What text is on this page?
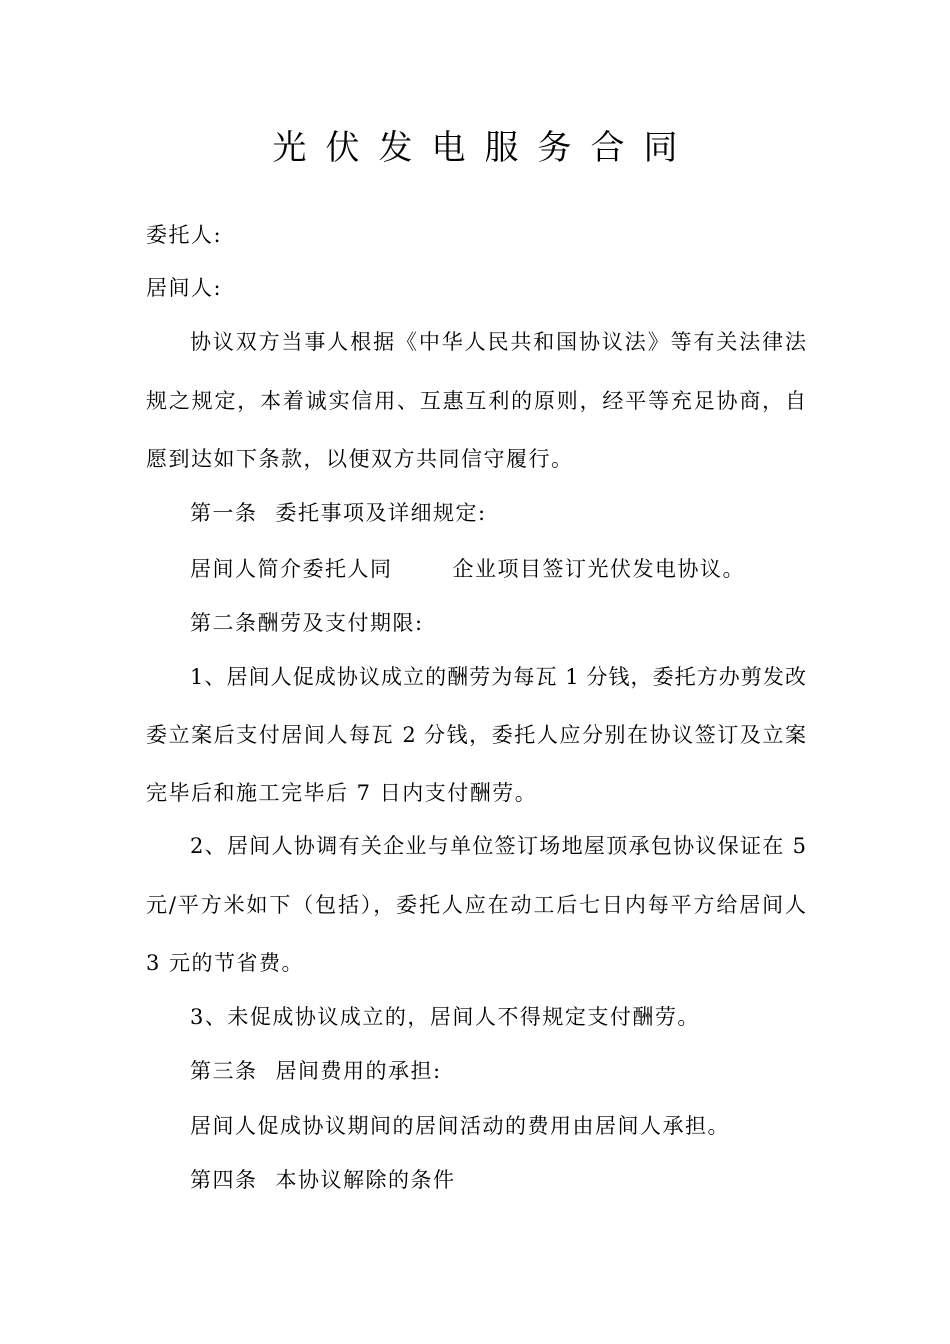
光伏发电服务合同
委托人:
居间人:
协议双方当事人根据《中华人民共和国协议法》等有关法律法
规之规定，本着诚实信用、互惠互利的原则，经平等充足协商，自
愿到达如下条款，以便双方共同信守履行。
第一条 委托事项及详细规定:
居间人简介委托人同	企业项目签订光伏发电协议。
第二条酬劳及支付期限:
1、居间人促成协议成立的酬劳为每瓦 1 分钱，委托方办剪发改
委立案后支付居间人每瓦 2 分钱，委托人应分别在协议签订及立案
完毕后和施工完毕后 7 日内支付酬劳。
2、居间人协调有关企业与单位签订场地屋顶承包协议保证在 5
元/平方米如下（包括），委托人应在动工后七日内每平方给居间人
3 元的节省费。
3、未促成协议成立的，居间人不得规定支付酬劳。
第三条 居间费用的承担:
居间人促成协议期间的居间活动的费用由居间人承担。
第四条 本协议解除的条件
